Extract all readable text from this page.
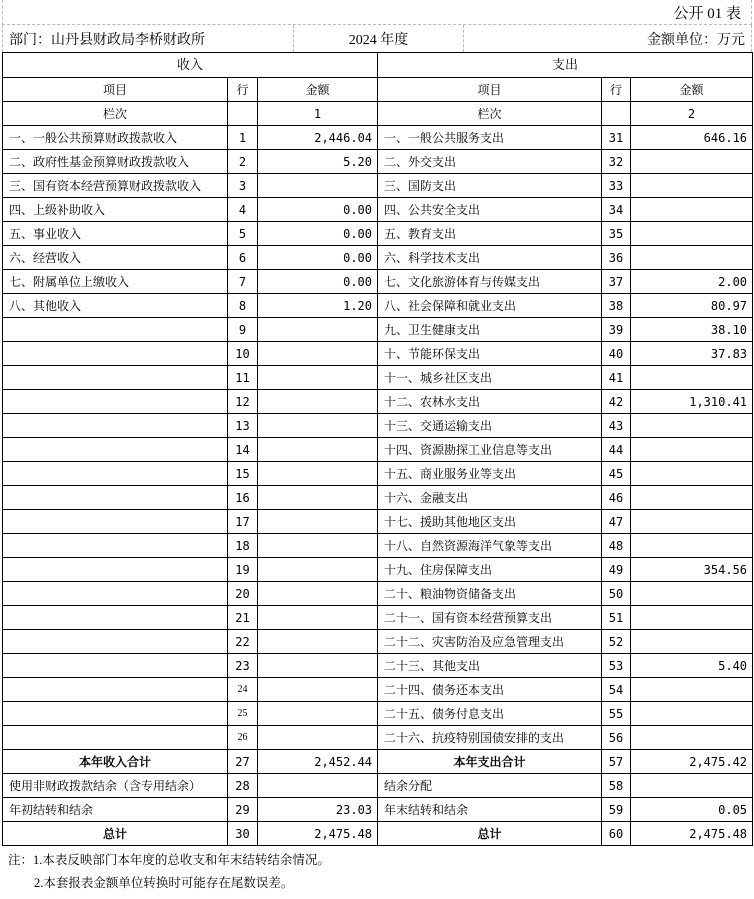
公开 01 表
部门：山丹县财政局李桥财政所	2024 年度	金额单位：万元
收入			支出		
项目	行	金额	项目	行	金额
栏次		1	栏次		2
一、一般公共预算财政拨款收入	1	2,446.04	一、一般公共服务支出	31	646.16
二、政府性基金预算财政拨款收入	2	5.20	二、外交支出	32	
三、国有资本经营预算财政拨款收入	3		三、国防支出	33	
四、上级补助收入	4	0.00	四、公共安全支出	34	
五、事业收入	5	0.00	五、教育支出	35	
六、经营收入	6	0.00	六、科学技术支出	36	
七、附属单位上缴收入	7	0.00	七、文化旅游体育与传媒支出	37	2.00
八、其他收入	8	1.20	八、社会保障和就业支出	38	80.97
	9		九、卫生健康支出	39	38.10
	10		十、节能环保支出	40	37.83
	11		十一、城乡社区支出	41	
	12		十二、农林水支出	42	1,310.41
	13		十三、交通运输支出	43	
	14		十四、资源勘探工业信息等支出	44	
	15		十五、商业服务业等支出	45	
	16		十六、金融支出	46	
	17		十七、援助其他地区支出	47	
	18		十八、自然资源海洋气象等支出	48	
	19		十九、住房保障支出	49	354.56
	20		二十、粮油物资储备支出	50	
	21		二十一、国有资本经营预算支出	51	
	22		二十二、灾害防治及应急管理支出	52	
	23		二十三、其他支出	53	5.40
	24		二十四、债务还本支出	54	
	25		二十五、债务付息支出	55	
	26		二十六、抗疫特别国债安排的支出	56	
本年收入合计	27	2,452.44	本年支出合计	57	2,475.42
使用非财政拨款结余（含专用结余）	28		结余分配	58	
年初结转和结余	29	23.03	年末结转和结余	59	0.05
总计	30	2,475.48	总计	60	2,475.48
注：1.本表反映部门本年度的总收支和年末结转结余情况。
2.本套报表金额单位转换时可能存在尾数误差。
